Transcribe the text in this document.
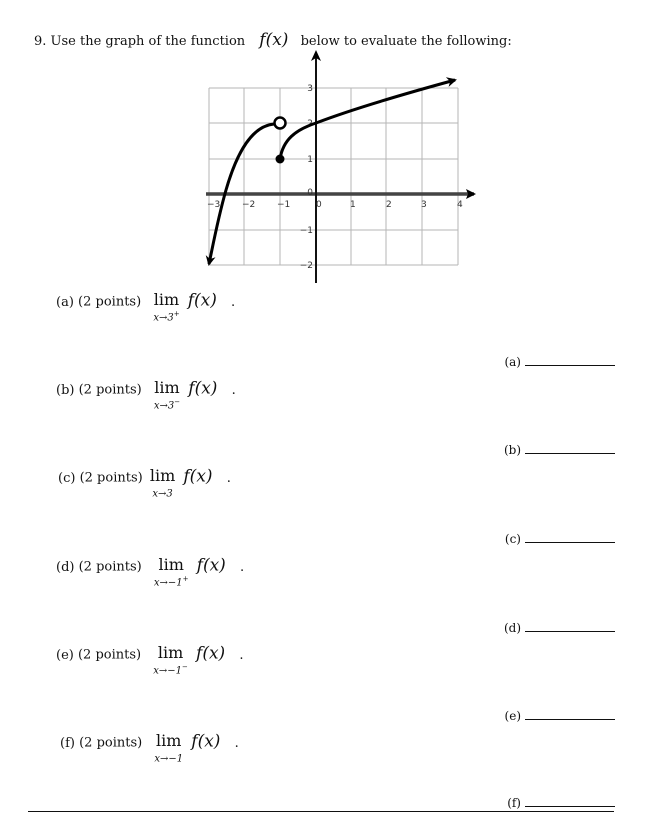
9. Use the graph of the function f(x) below to evaluate the following:
−3 −2 −1	0	1	2	3	4
3
2
1
0
−1
−2
(a) (2 points) lim
x→3+
f(x) .
(b) (2 points) lim
x→3−
f(x) .
(c) (2 points) lim
x→3
f(x) .
(d) (2 points) lim
x→−1+
f(x) .
(e) (2 points) lim
x→−1−
f(x) .
(f) (2 points) lim
x→−1
f(x) .
(a)
(b)
(c)
(d)
(e)
(f)
